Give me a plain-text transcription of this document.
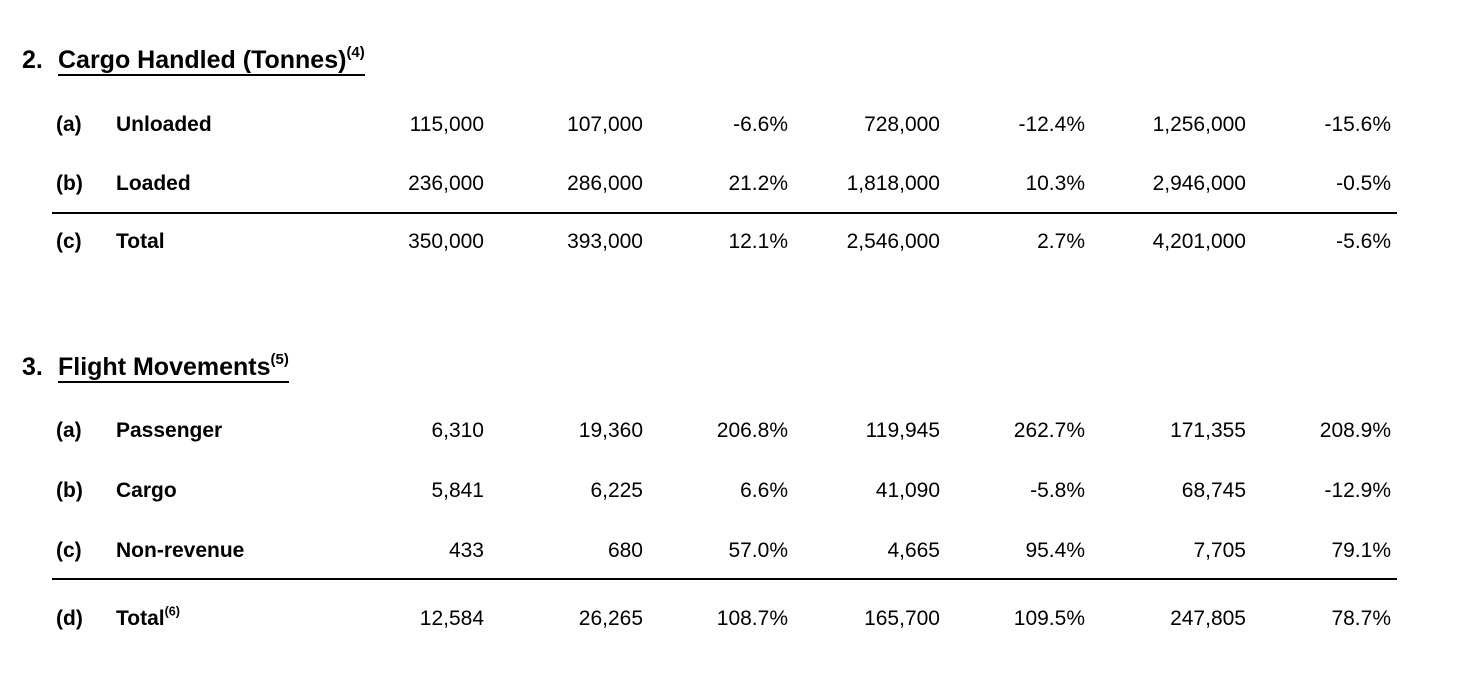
2. Cargo Handled (Tonnes)$^{(4)}$
(a) Unloaded	115,000	107,000	-6.6%	728,000	-12.4%	1,256,000	-15.6%
(b) Loaded	236,000	286,000	21.2%	1,818,000	10.3%	2,946,000	-0.5%
(c) Total	350,000	393,000	12.1%	2,546,000	2.7%	4,201,000	-5.6%
3. Flight Movements$^{(5)}$
(a) Passenger	6,310	19,360	206.8%	119,945	262.7%	171,355	208.9%
(b) Cargo	5,841	6,225	6.6%	41,090	-5.8%	68,745	-12.9%
(c) Non-revenue	433	680	57.0%	4,665	95.4%	7,705	79.1%
(d) Total$^{(6)}$	12,584	26,265	108.7%	165,700	109.5%	247,805	78.7%
